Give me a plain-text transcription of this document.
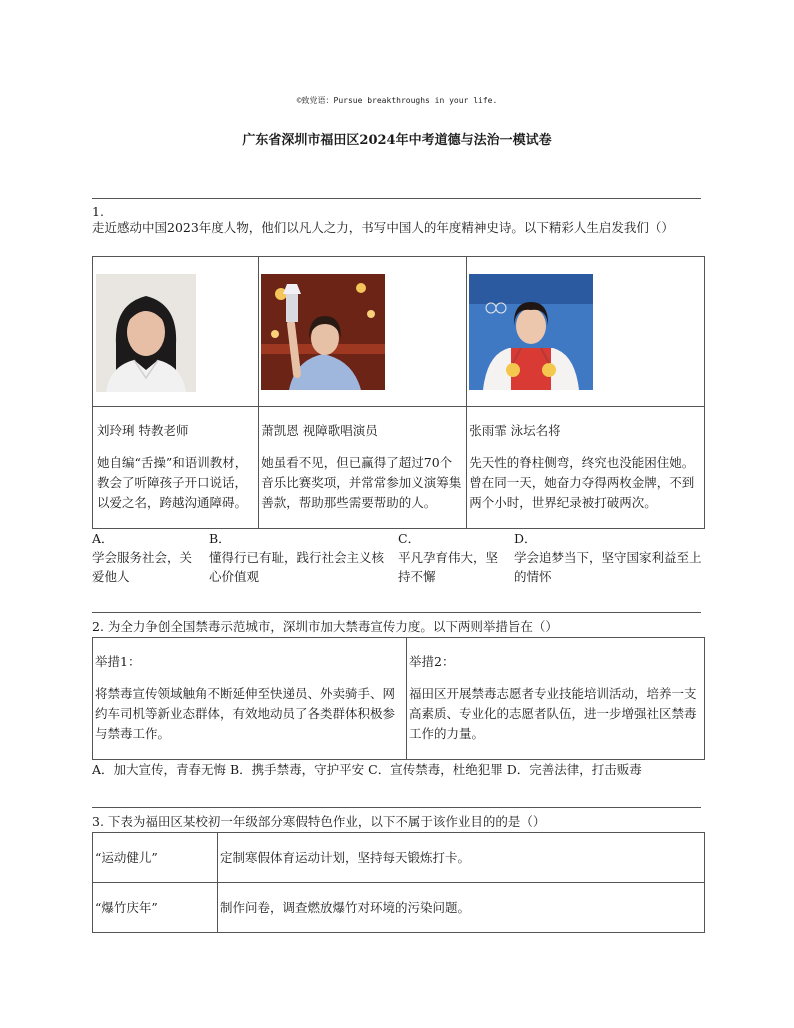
©致党语：Pursue breakthroughs in your life.
广东省深圳市福田区2024年中考道德与法治一模试卷
1.
走近感动中国2023年度人物，他们以凡人之力，书写中国人的年度精神史诗。以下精彩人生启发我们（）

刘玲琍 特教老师
她自编“舌操”和语训教材，教会了听障孩子开口说话，以爱之名，跨越沟通障碍。	萧凯恩 视障歌唱演员
她虽看不见，但已赢得了超过70个音乐比赛奖项，并常常参加义演筹集善款，帮助那些需要帮助的人。	张雨霏 泳坛名将
先天性的脊柱侧弯，终究也没能困住她。曾在同一天，她奋力夺得两枚金牌，不到两个小时，世界纪录被打破两次。
A．
学会服务社会，关爱他人
B．
懂得行已有耻，践行社会主义核心价值观
C．
平凡孕育伟大，坚持不懈
D．
学会追梦当下，坚守国家利益至上的情怀
2. 为全力争创全国禁毒示范城市，深圳市加大禁毒宣传力度。以下两则举措旨在（）
举措1：
将禁毒宣传领域触角不断延伸至快递员、外卖骑手、网约车司机等新业态群体，有效地动员了各类群体积极参与禁毒工作。

举措2：
福田区开展禁毒志愿者专业技能培训活动，培养一支高素质、专业化的志愿者队伍，进一步增强社区禁毒工作的力量。
A．加大宣传，青春无悔 B．携手禁毒，守护平安 C．宣传禁毒，杜绝犯罪 D．完善法律，打击贩毒
3. 下表为福田区某校初一年级部分寒假特色作业，以下不属于该作业目的的是（）
“运动健儿”	定制寒假体育运动计划，坚持每天锻炼打卡。
“爆竹庆年”	制作问卷，调查燃放爆竹对环境的污染问题。
